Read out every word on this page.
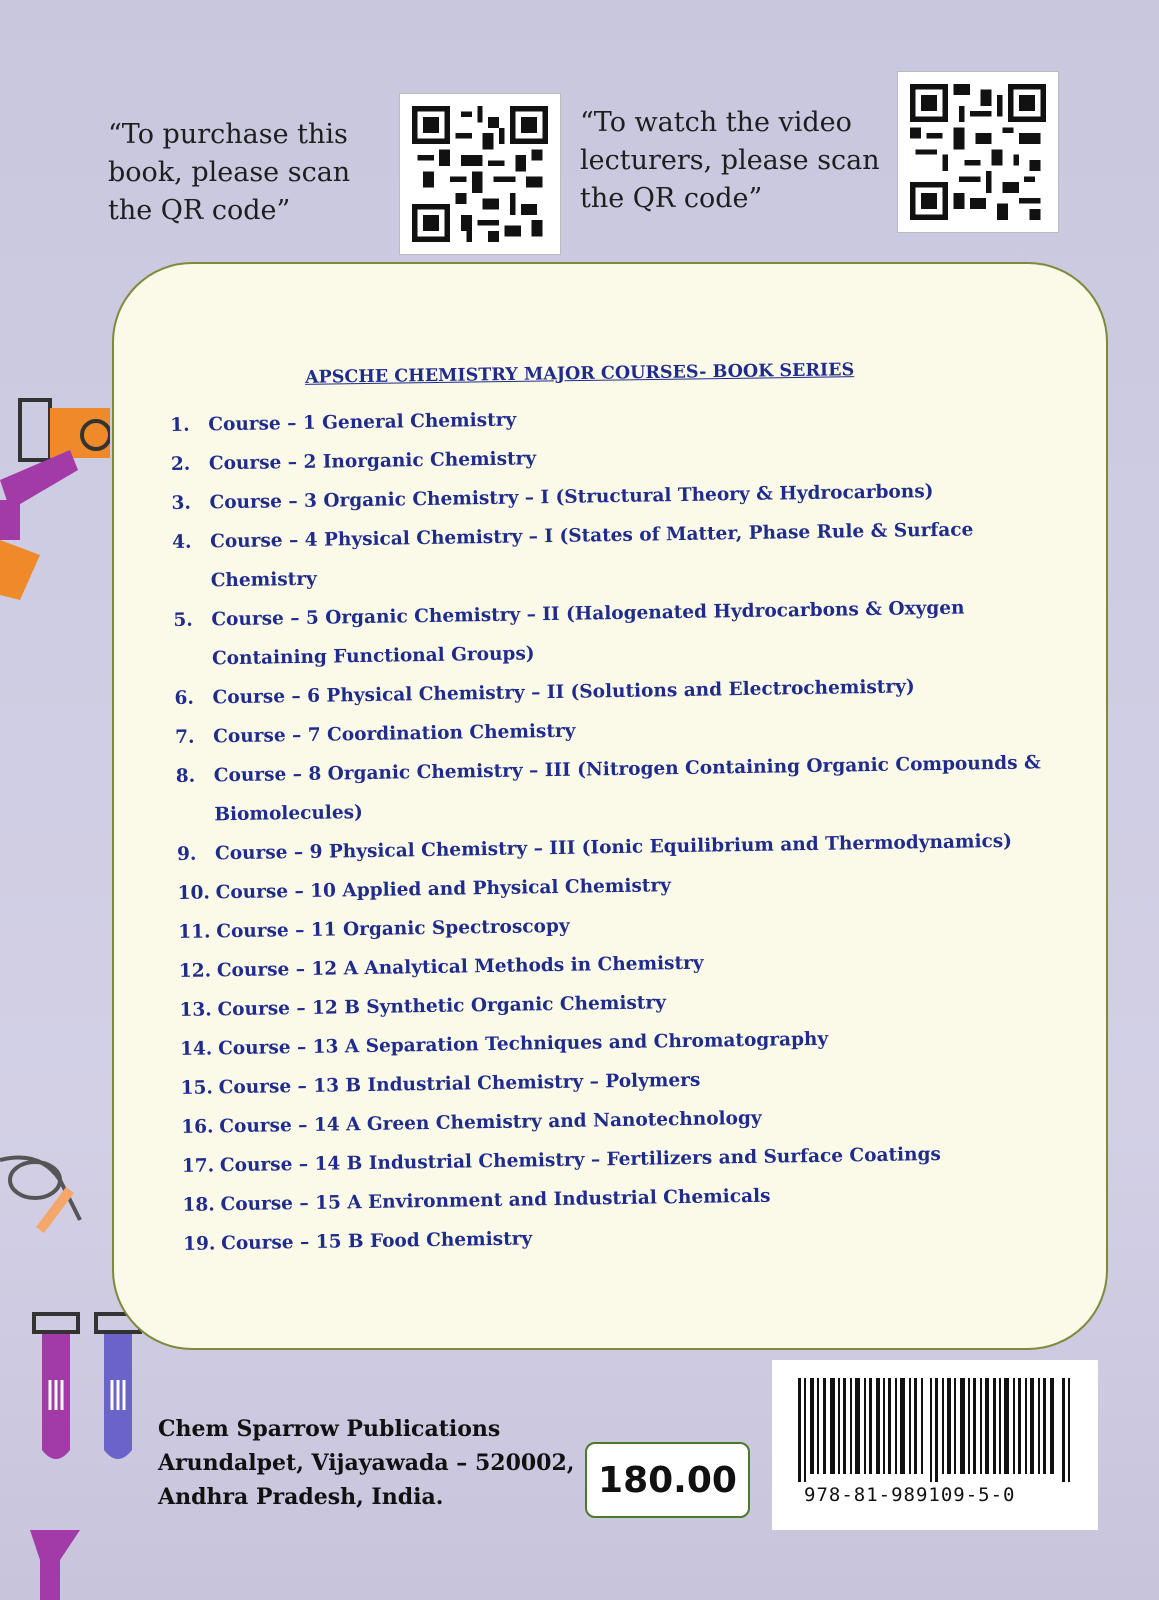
“To purchase this
book, please scan
the QR code”
“To watch the video
lecturers, please scan
the QR code”
APSCHE CHEMISTRY MAJOR COURSES- BOOK SERIES
1. Course – 1 General Chemistry
2. Course – 2 Inorganic Chemistry
3. Course – 3 Organic Chemistry – I (Structural Theory & Hydrocarbons)
4. Course – 4 Physical Chemistry – I (States of Matter, Phase Rule & Surface Chemistry
5. Course – 5 Organic Chemistry – II (Halogenated Hydrocarbons & Oxygen Containing Functional Groups)
6. Course – 6 Physical Chemistry – II (Solutions and Electrochemistry)
7. Course – 7 Coordination Chemistry
8. Course – 8 Organic Chemistry – III (Nitrogen Containing Organic Compounds & Biomolecules)
9. Course – 9 Physical Chemistry – III (Ionic Equilibrium and Thermodynamics)
10. Course – 10 Applied and Physical Chemistry
11. Course – 11 Organic Spectroscopy
12. Course – 12 A Analytical Methods in Chemistry
13. Course – 12 B Synthetic Organic Chemistry
14. Course – 13 A Separation Techniques and Chromatography
15. Course – 13 B Industrial Chemistry – Polymers
16. Course – 14 A Green Chemistry and Nanotechnology
17. Course – 14 B Industrial Chemistry – Fertilizers and Surface Coatings
18. Course – 15 A Environment and Industrial Chemicals
19. Course – 15 B Food Chemistry
Chem Sparrow Publications
Arundalpet, Vijayawada – 520002,
Andhra Pradesh, India.	180.00	978-81-989109-5-0
